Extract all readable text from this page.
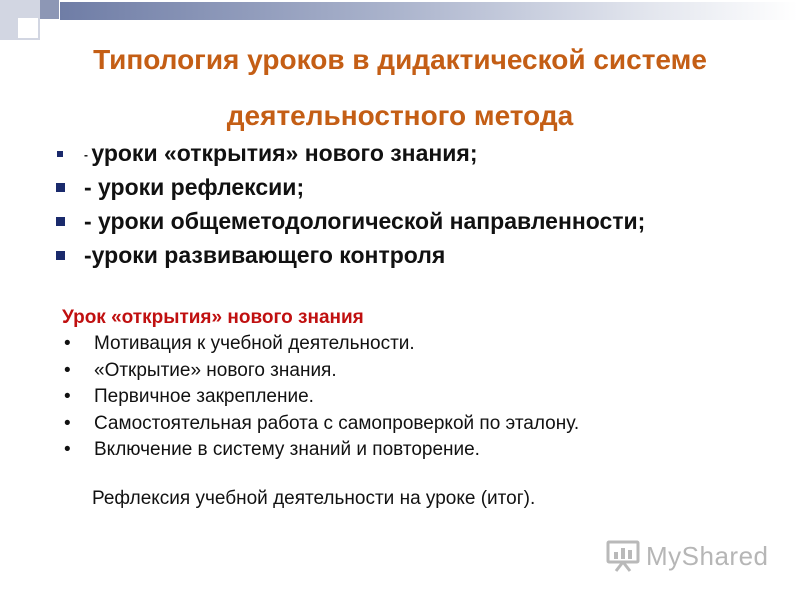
Типология уроков в дидактической системе деятельностного метода
- уроки «открытия» нового знания;
- уроки рефлексии;
- уроки общеметодологической направленности;
-уроки развивающего контроля
Урок «открытия» нового знания
• Мотивация к учебной деятельности.
• «Открытие» нового знания.
• Первичное закрепление.
• Самостоятельная работа с самопроверкой по эталону.
• Включение в систему знаний и повторение.
Рефлексия учебной деятельности на уроке (итог).
MyShared
